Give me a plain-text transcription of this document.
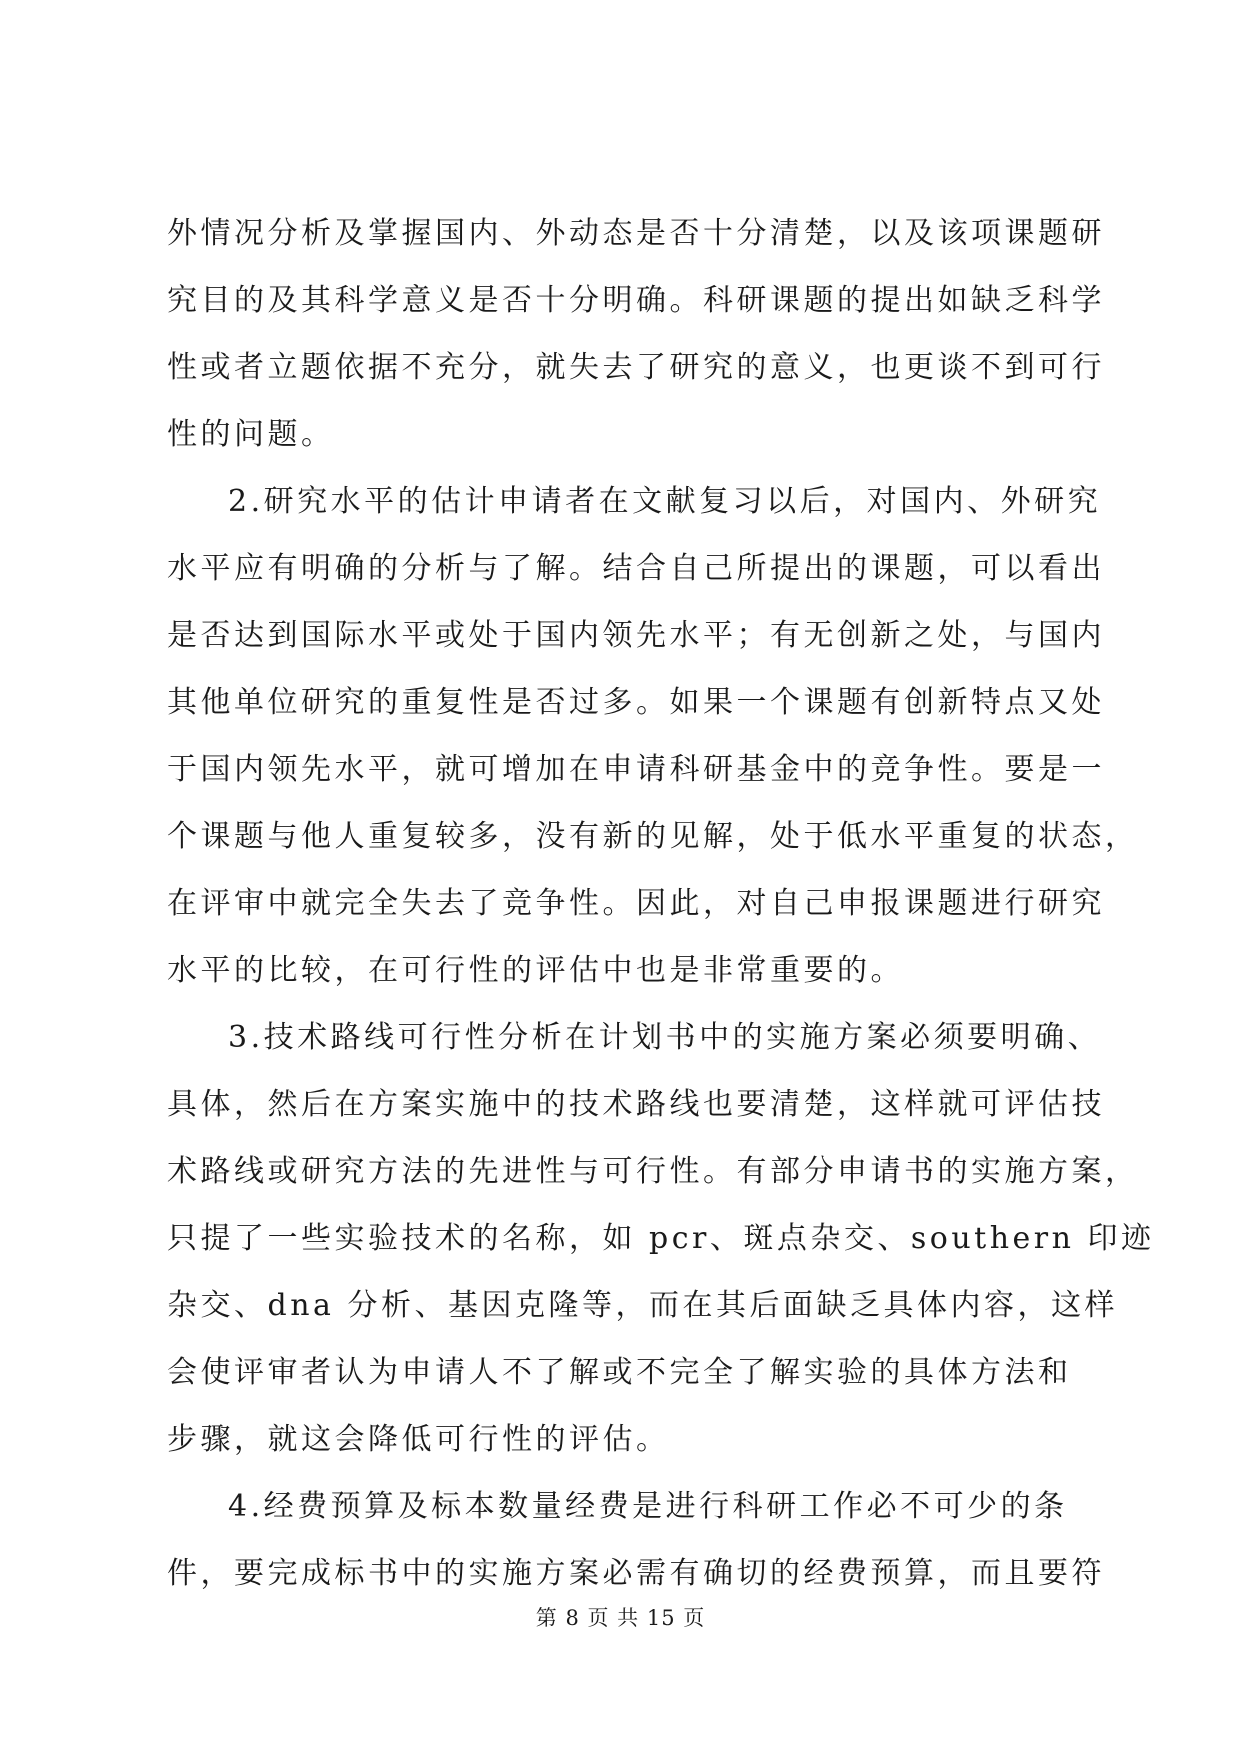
外情况分析及掌握国内、外动态是否十分清楚，以及该项课题研
究目的及其科学意义是否十分明确。科研课题的提出如缺乏科学
性或者立题依据不充分，就失去了研究的意义，也更谈不到可行
性的问题。
2.研究水平的估计申请者在文献复习以后，对国内、外研究
水平应有明确的分析与了解。结合自己所提出的课题，可以看出
是否达到国际水平或处于国内领先水平；有无创新之处，与国内
其他单位研究的重复性是否过多。如果一个课题有创新特点又处
于国内领先水平，就可增加在申请科研基金中的竞争性。要是一
个课题与他人重复较多，没有新的见解，处于低水平重复的状态，
在评审中就完全失去了竞争性。因此，对自己申报课题进行研究
水平的比较，在可行性的评估中也是非常重要的。
3.技术路线可行性分析在计划书中的实施方案必须要明确、
具体，然后在方案实施中的技术路线也要清楚，这样就可评估技
术路线或研究方法的先进性与可行性。有部分申请书的实施方案，
只提了一些实验技术的名称，如 pcr、斑点杂交、southern 印迹
杂交、dna 分析、基因克隆等，而在其后面缺乏具体内容，这样
会使评审者认为申请人不了解或不完全了解实验的具体方法和
步骤，就这会降低可行性的评估。
4.经费预算及标本数量经费是进行科研工作必不可少的条
件，要完成标书中的实施方案必需有确切的经费预算，而且要符
第 8 页 共 15 页
